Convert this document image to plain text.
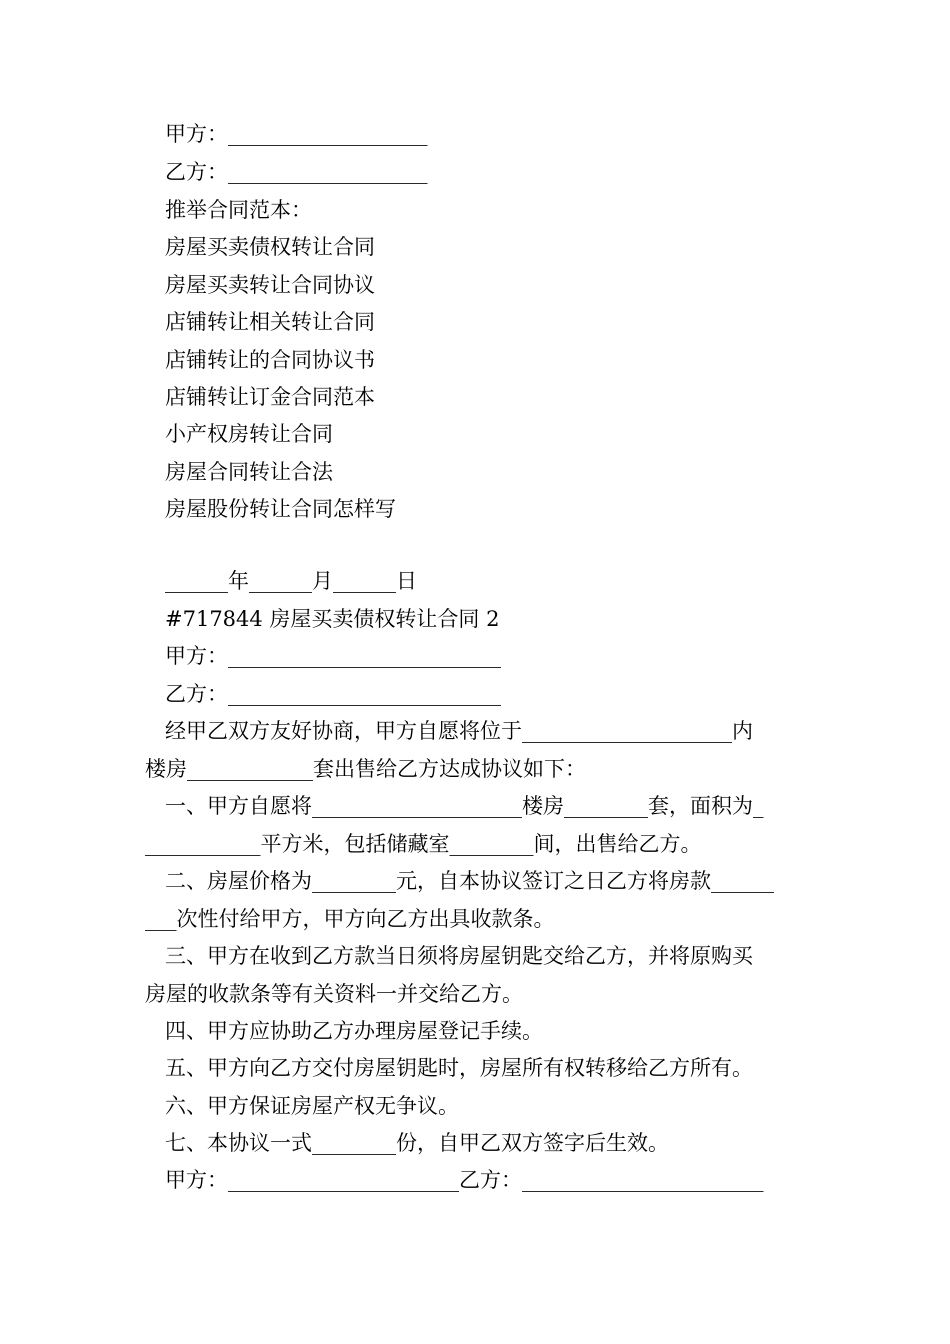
甲方：___________________
乙方：___________________
推举合同范本：
房屋买卖债权转让合同
房屋买卖转让合同协议
店铺转让相关转让合同
店铺转让的合同协议书
店铺转让订金合同范本
小产权房转让合同
房屋合同转让合法
房屋股份转让合同怎样写
______年______月______日
#717844 房屋买卖债权转让合同 2
甲方：__________________________
乙方：__________________________
经甲乙双方友好协商，甲方自愿将位于____________________内
楼房____________套出售给乙方达成协议如下：
一、甲方自愿将____________________楼房________套，面积为_
___________平方米，包括储藏室________间，出售给乙方。
二、房屋价格为________元，自本协议签订之日乙方将房款______
___次性付给甲方，甲方向乙方出具收款条。
三、甲方在收到乙方款当日须将房屋钥匙交给乙方，并将原购买
房屋的收款条等有关资料一并交给乙方。
四、甲方应协助乙方办理房屋登记手续。
五、甲方向乙方交付房屋钥匙时，房屋所有权转移给乙方所有。
六、甲方保证房屋产权无争议。
七、本协议一式________份，自甲乙双方签字后生效。
甲方：______________________乙方：_______________________
